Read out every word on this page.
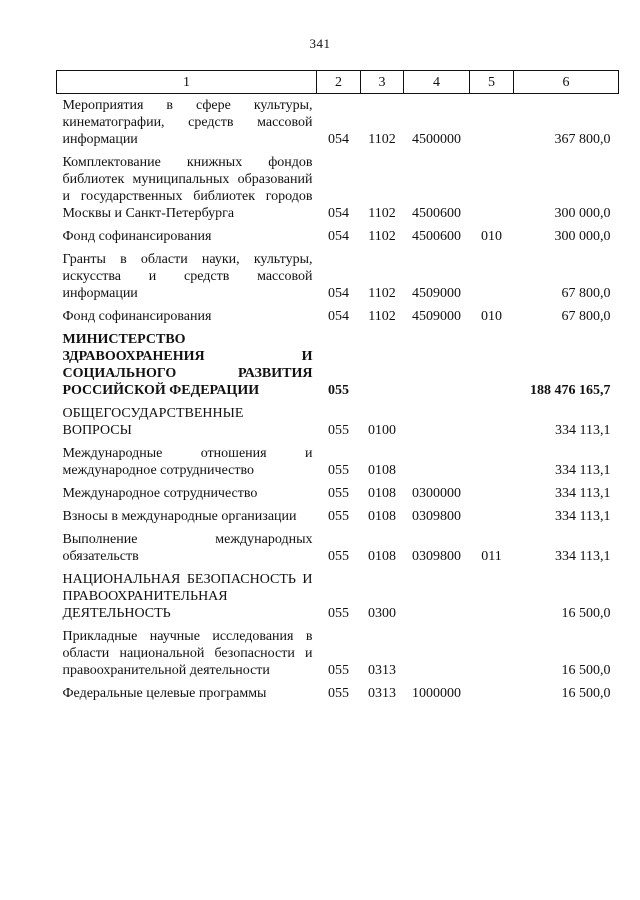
341
1	2	3	4	5	6
Мероприятия в сфере культуры, кинематографии, средств массовой информации	054	1102	4500000		367 800,0
Комплектование книжных фондов библиотек муниципальных образований и государственных библиотек городов Москвы и Санкт-Петербурга	054	1102	4500600		300 000,0
Фонд софинансирования	054	1102	4500600	010	300 000,0
Гранты в области науки, культуры, искусства и средств массовой информации	054	1102	4509000		67 800,0
Фонд софинансирования	054	1102	4509000	010	67 800,0
МИНИСТЕРСТВО ЗДРАВООХРАНЕНИЯ И СОЦИАЛЬНОГО РАЗВИТИЯ РОССИЙСКОЙ ФЕДЕРАЦИИ	055				188 476 165,7
ОБЩЕГОСУДАРСТВЕННЫЕ ВОПРОСЫ	055	0100			334 113,1
Международные отношения и международное сотрудничество	055	0108			334 113,1
Международное сотрудничество	055	0108	0300000		334 113,1
Взносы в международные организации	055	0108	0309800		334 113,1
Выполнение международных обязательств	055	0108	0309800	011	334 113,1
НАЦИОНАЛЬНАЯ БЕЗОПАСНОСТЬ И ПРАВООХРАНИТЕЛЬНАЯ ДЕЯТЕЛЬНОСТЬ	055	0300			16 500,0
Прикладные научные исследования в области национальной безопасности и правоохранительной деятельности	055	0313			16 500,0
Федеральные целевые программы	055	0313	1000000		16 500,0
